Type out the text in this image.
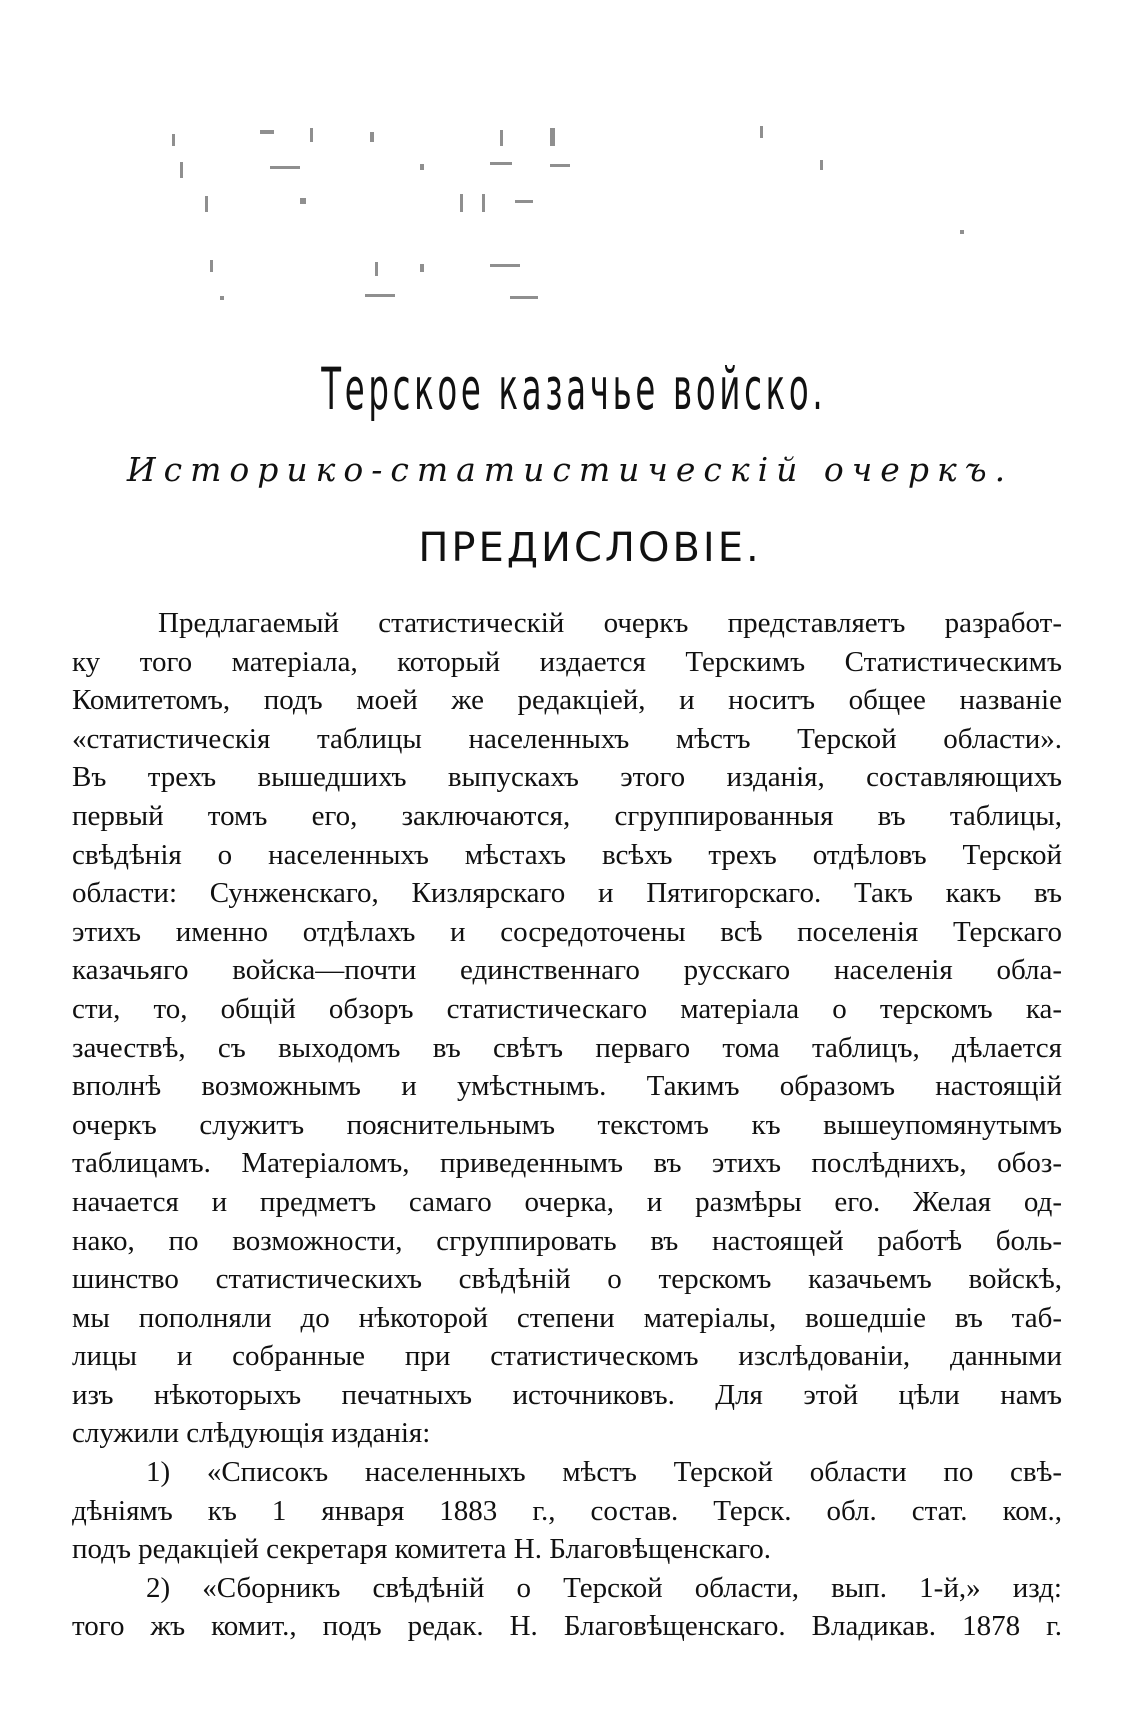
Терское казачье войско.
Историко-статистическій очеркъ.
ПРЕДИСЛОВІЕ.
Предлагаемый статистическій очеркъ представляетъ разработ-
ку того матеріала, который издается Терскимъ Статистическимъ
Комитетомъ, подъ моей же редакціей, и носитъ общее названіе
«статистическія таблицы населенныхъ мѣстъ Терской области».
Въ трехъ вышедшихъ выпускахъ этого изданія, составляющихъ
первый томъ его, заключаются, сгруппированныя въ таблицы,
свѣдѣнія о населенныхъ мѣстахъ всѣхъ трехъ отдѣловъ Терской
области: Сунженскаго, Кизлярскаго и Пятигорскаго. Такъ какъ въ
этихъ именно отдѣлахъ и сосредоточены всѣ поселенія Терскаго
казачьяго войска—почти единственнаго русскаго населенія обла-
сти, то, общій обзоръ статистическаго матеріала о терскомъ ка-
зачествѣ, съ выходомъ въ свѣтъ перваго тома таблицъ, дѣлается
вполнѣ возможнымъ и умѣстнымъ. Такимъ образомъ настоящій
очеркъ служитъ пояснительнымъ текстомъ къ вышеупомянутымъ
таблицамъ. Матеріаломъ, приведеннымъ въ этихъ послѣднихъ, обоз-
начается и предметъ самаго очерка, и размѣры его. Желая од-
нако, по возможности, сгруппировать въ настоящей работѣ боль-
шинство статистическихъ свѣдѣній о терскомъ казачьемъ войскѣ,
мы пополняли до нѣкоторой степени матеріалы, вошедшіе въ таб-
лицы и собранные при статистическомъ изслѣдованіи, данными
изъ нѣкоторыхъ печатныхъ источниковъ. Для этой цѣли намъ
служили слѣдующія изданія:
1) «Списокъ населенныхъ мѣстъ Терской области по свѣ-
дѣніямъ къ 1 января 1883 г., состав. Терск. обл. стат. ком.,
подъ редакціей секретаря комитета Н. Благовѣщенскаго.
2) «Сборникъ свѣдѣній о Терской области, вып. 1-й,» изд:
того жъ комит., подъ редак. Н. Благовѣщенскаго. Владикав. 1878 г.
